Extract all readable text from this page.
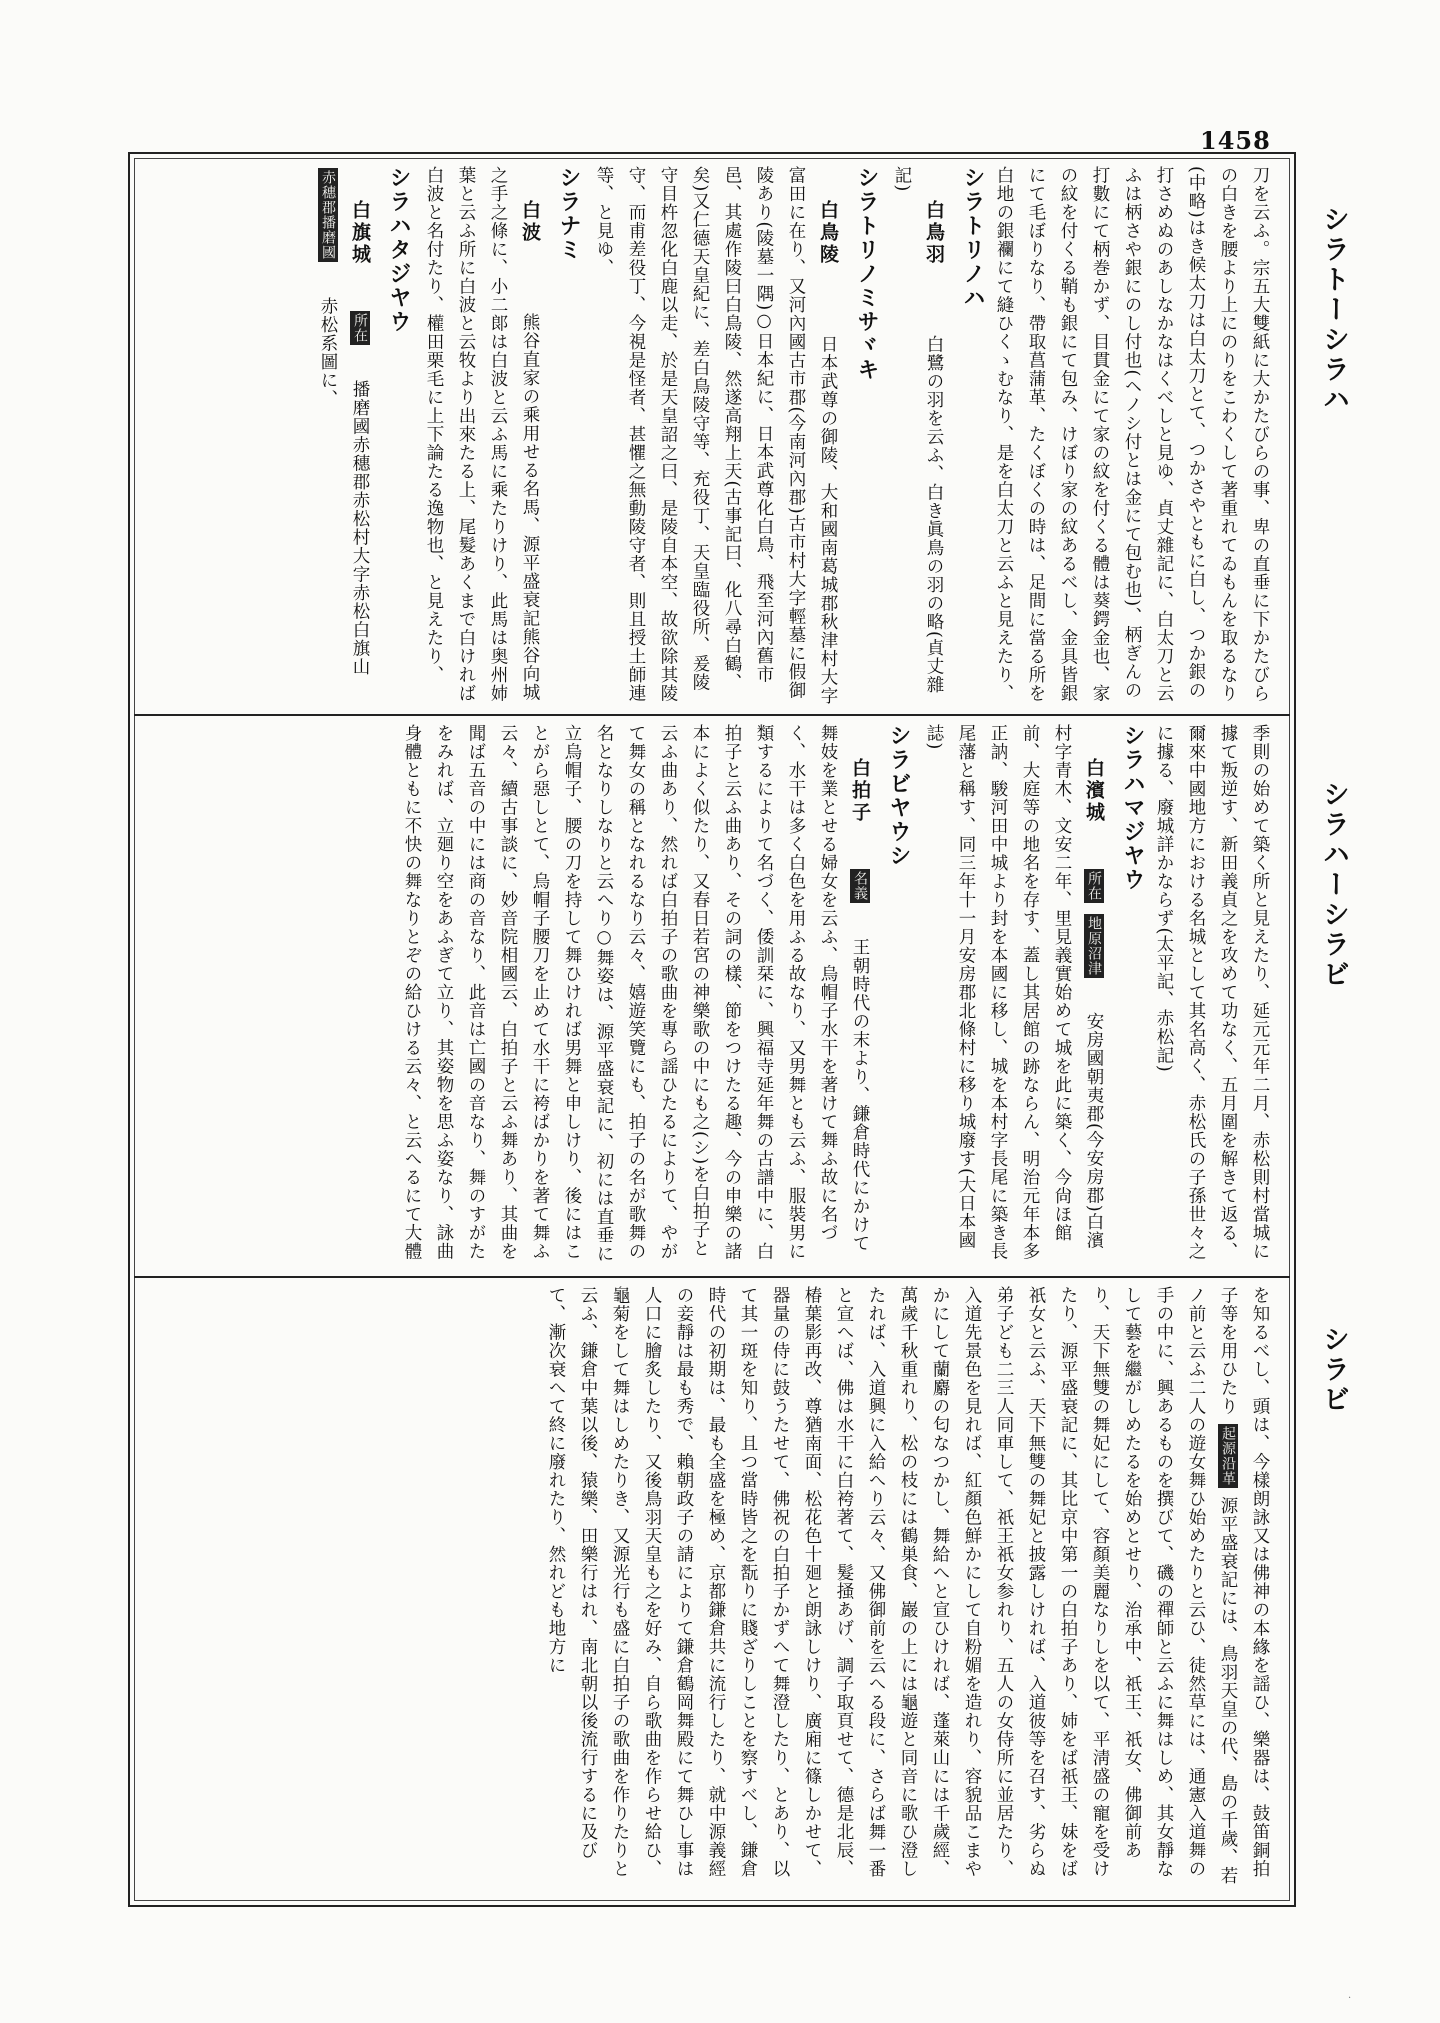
1458
シラトーシラハ
シラハーシラビ
シラビ
刀を云ふ。宗五大雙紙に大かたびらの事、卑の直垂に下かたびらの白きを腰より上にのりをこわくして著重れてゐもんを取るなり(中略)はき候太刀は白太刀とて、つかさやともに白し、つか銀の打さめぬのあしなかなはくべしと見ゆ、貞丈雜記に、白太刀と云ふは柄さや銀にのし付也(ヘノシ付とは金にて包む也)、柄ぎんの打數にて柄巻かず、目貫金にて家の紋を付くる體は葵鍔金也、家の紋を付くる鞘も銀にて包み、けぼり家の紋あるべし、金具皆銀にて毛ぼりなり、帶取菖蒲革、たくぼくの時は、足間に當る所を白地の銀襴にて縫ひくゝむなり、是を白太刀と云ふと見えたり、
シラトリノハ
白鳥羽  白鷺の羽を云ふ、白き眞鳥の羽の略(貞丈雜記)
シラトリノミサヾキ
白鳥陵  日本武尊の御陵、大和國南葛城郡秋津村大字富田に在り、又河內國古市郡(今南河內郡)古市村大字輕墓に假御陵あり(陵墓一隅)○日本紀に、日本武尊化白鳥、飛至河內舊市邑、其處作陵曰白鳥陵、然遂高翔上天(古事記曰、化八尋白鶴、矣)又仁德天皇紀に、差白鳥陵守等、充役丁、天皇臨役所、爰陵守目杵忽化白鹿以走、於是天皇詔之曰、是陵自本空、故欲除其陵守、而甫差役丁、今視是怪者、甚懼之無動陵守者、則且授土師連等、と見ゆ、
シラナミ
白波  熊谷直家の乘用せる名馬、源平盛衰記熊谷向城之手之條に、小二郞は白波と云ふ馬に乘たりけり、此馬は奥州姉葉と云ふ所に白波と云牧より出來たる上、尾髮あくまで白ければ白波と名付たり、權田栗毛に上下論たる逸物也、と見えたり、
シラハタジヤウ
白旗城  所在 播磨國赤穗郡赤松村大字赤松白旗山 赤穗郡播磨國 赤松系圖に、
季則の始めて築く所と見えたり、延元元年二月、赤松則村當城に據て叛逆す、新田義貞之を攻めて功なく、五月圍を解きて返る、爾來中國地方における名城として其名高く、赤松氏の子孫世々之に據る、廢城詳かならず(太平記、赤松記)
シラハマジヤウ
白濱城  所在 地原沼津 安房國朝夷郡(今安房郡)白濱村字青木、文安二年、里見義實始めて城を此に築く、今尙ほ館前、大庭等の地名を存す、蓋し其居館の跡ならん、明治元年本多正訥、駿河田中城より封を本國に移し、城を本村字長尾に築き長尾藩と稱す、同三年十一月安房郡北條村に移り城廢す(大日本國誌)
シラビヤウシ
白拍子  名義 王朝時代の末より、鎌倉時代にかけて舞妓を業とせる婦女を云ふ、烏帽子水干を著けて舞ふ故に名づく、水干は多く白色を用ふる故なり、又男舞とも云ふ、服裝男に類するによりて名づく、倭訓栞に、興福寺延年舞の古譜中に、白拍子と云ふ曲あり、その詞の樣、節をつけたる趣、今の申樂の諸本によく似たり、又春日若宮の神樂歌の中にも之(シ)を白拍子と云ふ曲あり、然れば白拍子の歌曲を專ら謡ひたるによりて、やがて舞女の稱となれるなり云々、嬉遊笑覽にも、拍子の名が歌舞の名となりしなりと云へり○舞姿は、源平盛衰記に、初には直垂に立烏帽子、腰の刀を持して舞ひければ男舞と申しけり、後にはことがら惡しとて、烏帽子腰刀を止めて水干に袴ばかりを著て舞ふ云々、續古事談に、妙音院相國云、白拍子と云ふ舞あり、其曲を聞ば五音の中には商の音なり、此音は亡國の音なり、舞のすがたをみれば、立廻り空をあふぎて立り、其姿物を思ふ姿なり、詠曲身體ともに不快の舞なりとぞの給ひける云々、と云へるにて大體
を知るべし、頭は、今樣朗詠又は佛神の本緣を謡ひ、樂器は、鼓笛銅拍子等を用ひたり 起源沿革 源平盛衰記には、鳥羽天皇の代、島の千歲、若ノ前と云ふ二人の遊女舞ひ始めたりと云ひ、徒然草には、通憲入道舞の手の中に、興あるものを撰びて、磯の禪師と云ふに舞はしめ、其女靜なして藝を繼がしめたるを始めとせり、治承中、祇王、祇女、佛御前あり、天下無雙の舞妃にして、容顏美麗なりしを以て、平淸盛の寵を受けたり、源平盛衰記に、其比京中第一の白拍子あり、姉をば祇王、妹をば祇女と云ふ、天下無雙の舞妃と披露しければ、入道彼等を召す、劣らぬ弟子ども二三人同車して、祇王祇女参れり、五人の女侍所に並居たり、入道先景色を見れば、紅顏色鮮かにして自粉媚を造れり、容貌品こまやかにして蘭麝の匂なつかし、舞給へと宣ひければ、蓬萊山には千歲經、萬歲千秋重れり、松の枝には鶴巣食、巖の上には龜遊と同音に歌ひ澄したれば、入道興に入給へり云々、又佛御前を云へる段に、さらば舞一番と宣へば、佛は水干に白袴著て、髮掻あげ、調子取頁せて、德是北辰、椿葉影再改、尊猶南面、松花色十廻と朗詠しけり、廣廂に篠しかせて、器量の侍に鼓うたせて、佛祝の白拍子かずへて舞澄したり、とあり、以て其一斑を知り、且つ當時皆之を翫りに賤ざりしことを察すべし、鎌倉時代の初期は、最も全盛を極め、京都鎌倉共に流行したり、就中源義經の妾靜は最も秀で、賴朝政子の請によりて鎌倉鶴岡舞殿にて舞ひし事は人口に膾炙したり、又後鳥羽天皇も之を好み、自ら歌曲を作らせ給ひ、龜菊をして舞はしめたりき、又源光行も盛に白拍子の歌曲を作りたりと云ふ、鎌倉中葉以後、猿樂、田樂行はれ、南北朝以後流行するに及びて、漸次衰へて終に廢れたり、然れども地方に
.
